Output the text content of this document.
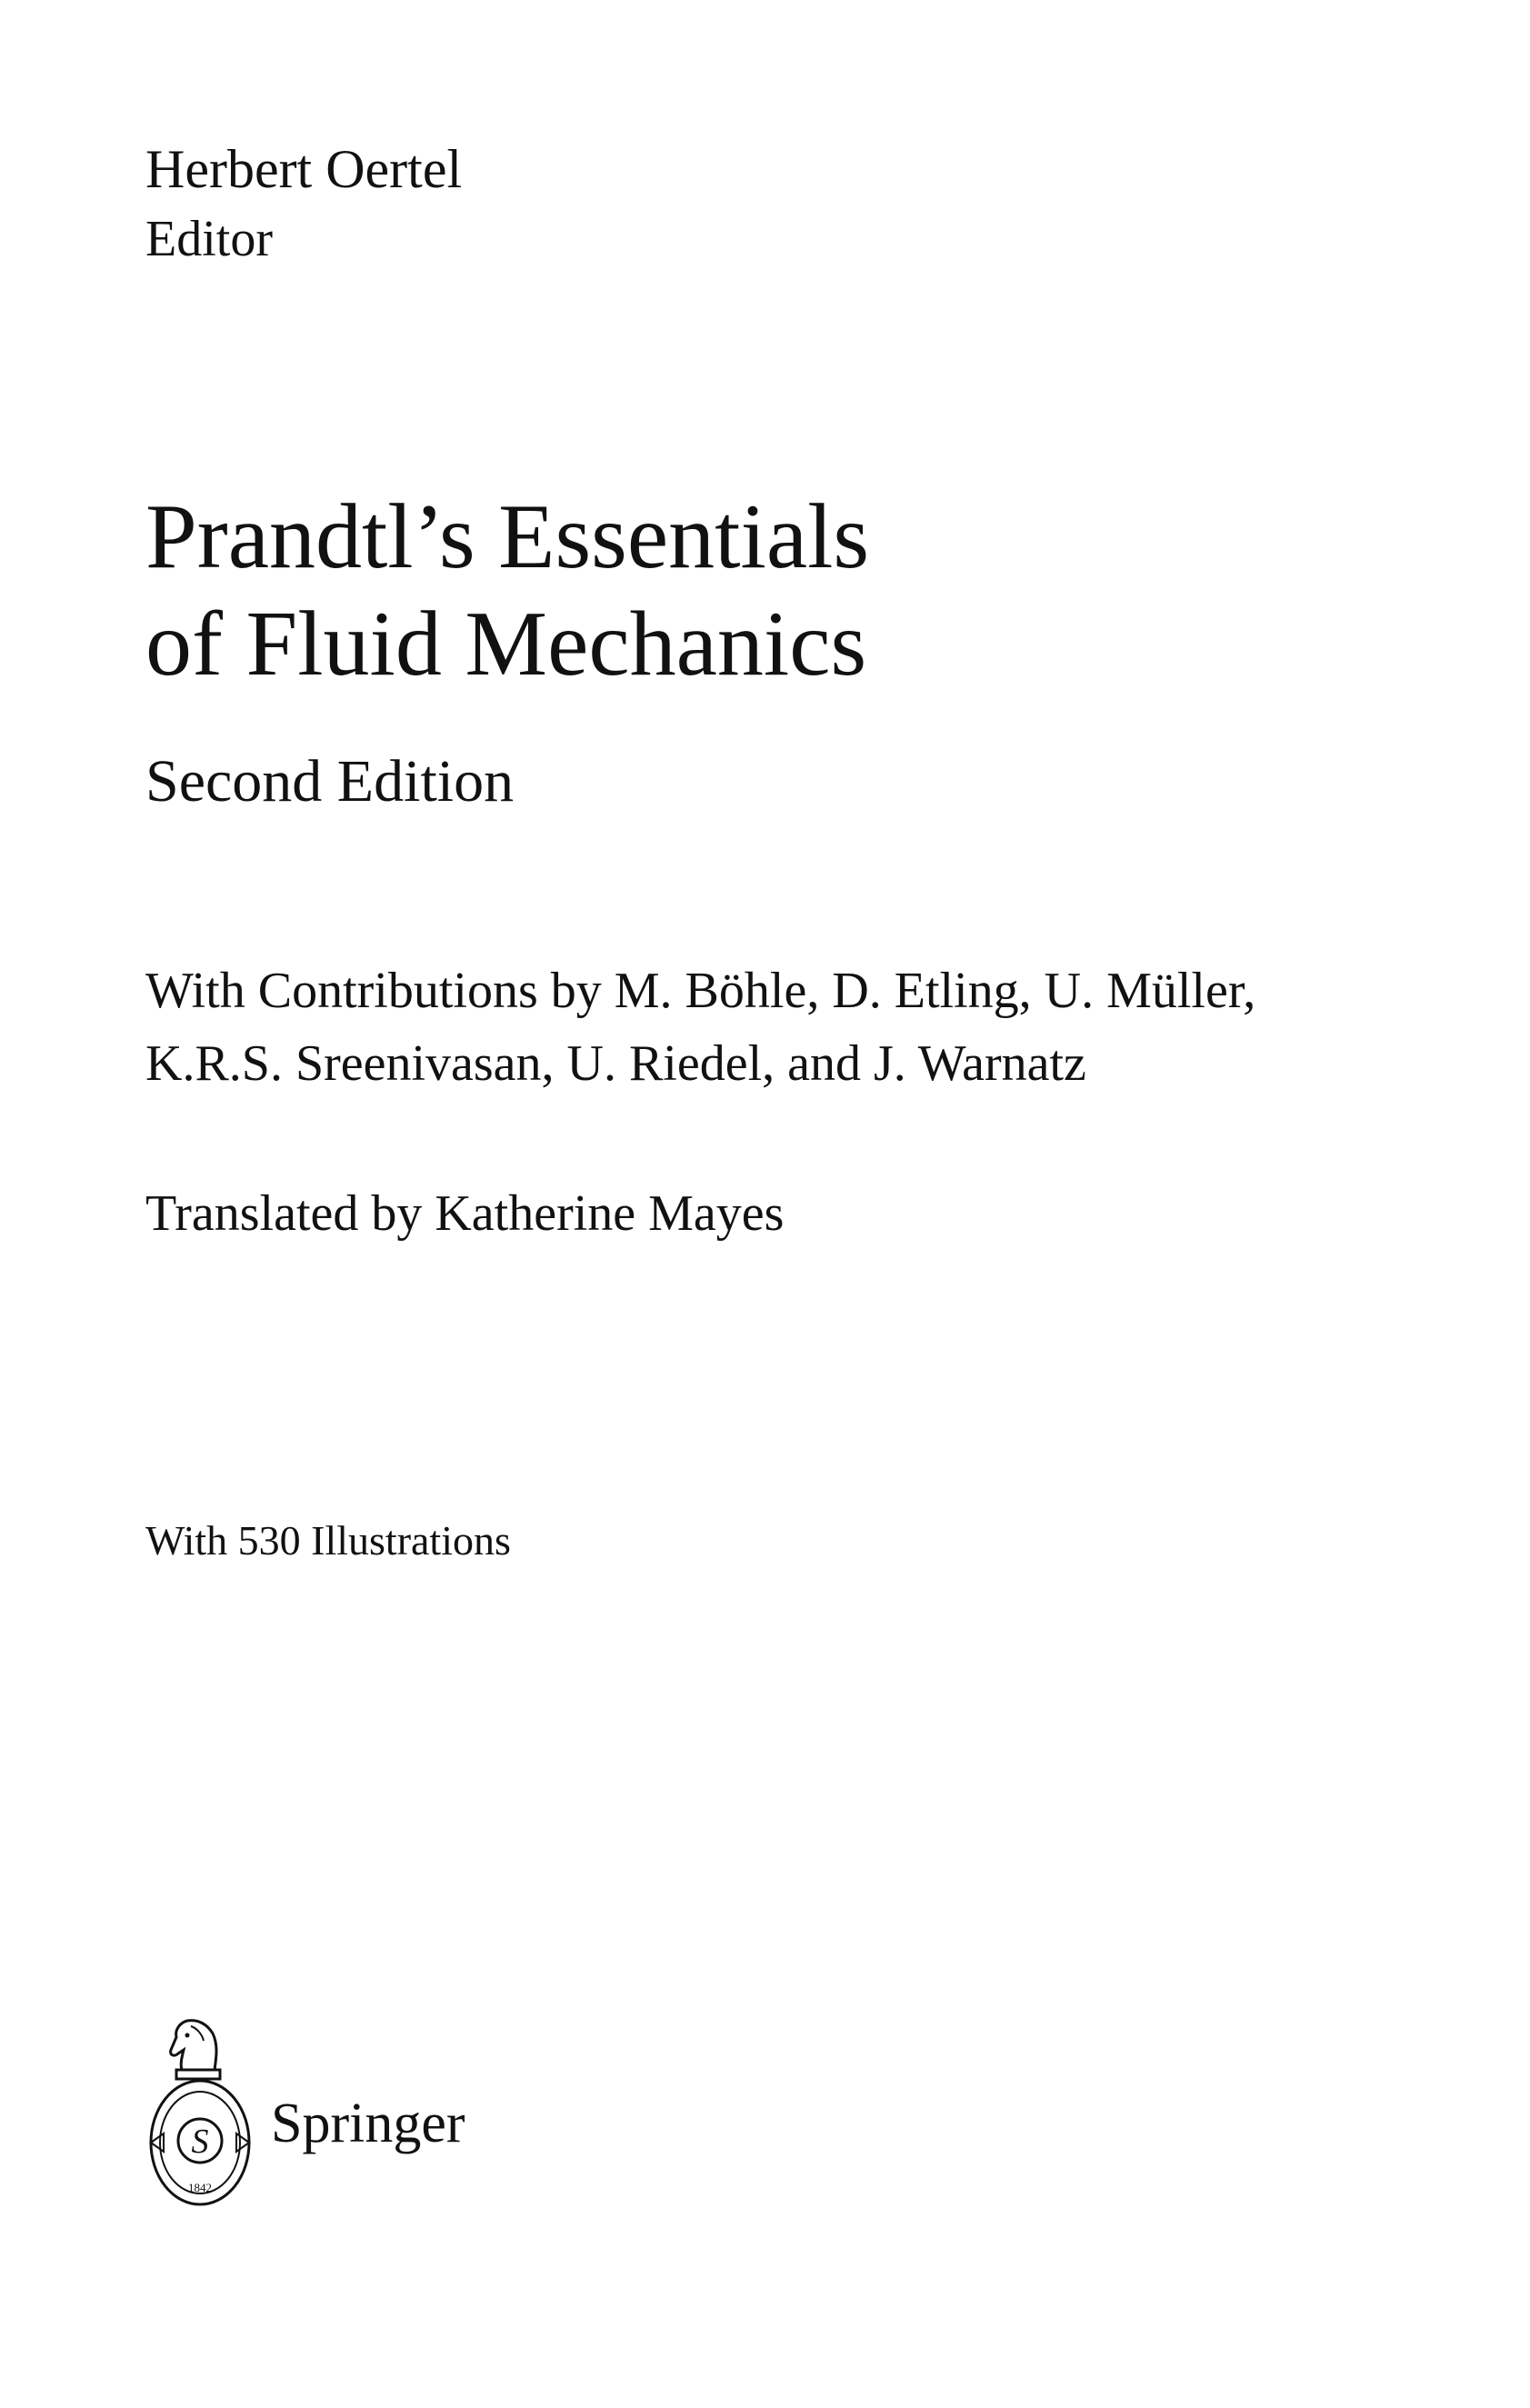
Herbert Oertel

Editor

Prandtl’s Essentials
of Fluid Mechanics

Second Edition

With Contributions by M. Böhle, D. Etling, U. Müller,
K.R.S. Sreenivasan, U. Riedel, and J. Warnatz

Translated by Katherine Mayes

With 530 Illustrations

S
1842
Springer
